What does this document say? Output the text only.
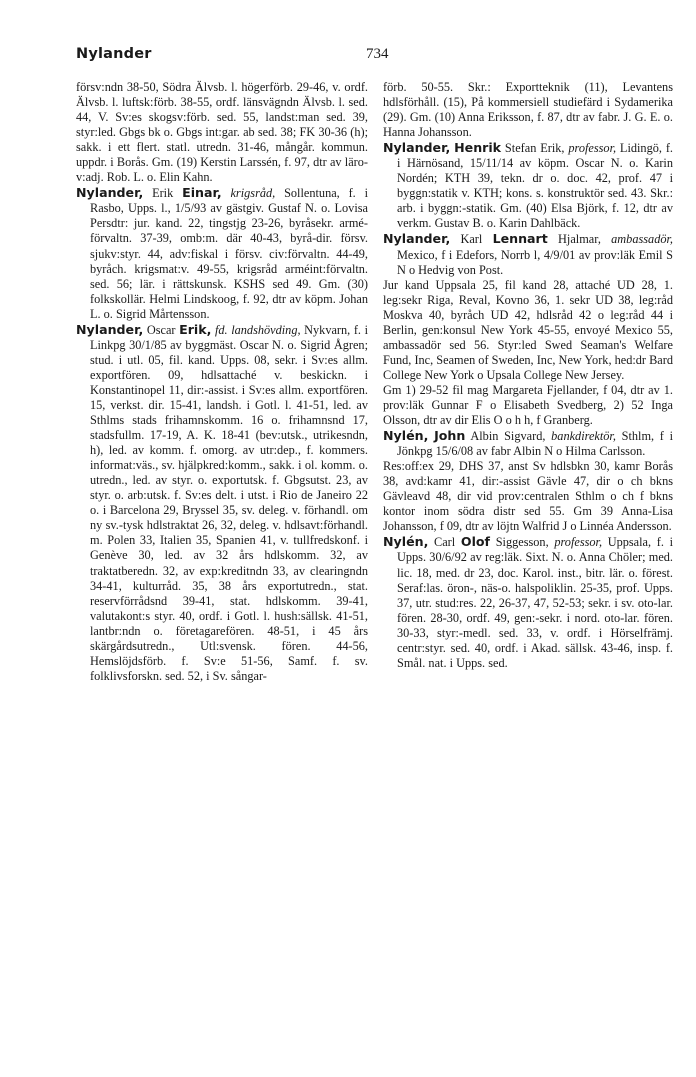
Nylander	734

försv:ndn 38-50, Södra Älvsb. l. högerförb. 29-46, v. ordf. Älvsb. l. luftsk:förb. 38-55, ordf. länsvägndn Älvsb. l. sed. 44, V. Sv:es skogsv:förb. sed. 55, landst:man sed. 39, styr:led. Gbgs bk o. Gbgs int:gar. ab sed. 38; FK 30-36 (h); sakk. i ett flert. statl. utredn. 31-46, mångår. kommun. uppdr. i Borås. Gm. (19) Kerstin Larssén, f. 97, dtr av läro-v:adj. Rob. L. o. Elin Kahn.

Nylander, Erik Einar, krigsråd, Sollentuna, f. i Rasbo, Upps. l., 1/5/93 av gästgiv. Gustaf N. o. Lovisa Persdtr: jur. kand. 22, tingstjg 23-26, byråsekr. armé-förvaltn. 37-39, omb:m. där 40-43, byrå-dir. försv. sjukv:styr. 44, adv:fiskal i försv. civ:förvaltn. 44-49, byråch. krigsmat:v. 49-55, krigsråd arméint:förvaltn. sed. 56; lär. i rättskunsk. KSHS sed 49. Gm. (30) folkskollär. Helmi Lindskoog, f. 92, dtr av köpm. Johan L. o. Sigrid Mårtensson.

Nylander, Oscar Erik, fd. landshövding, Nykvarn, f. i Linkpg 30/1/85 av byggmäst. Oscar N. o. Sigrid Ågren; stud. i utl. 05, fil. kand. Upps. 08, sekr. i Sv:es allm. exportfören. 09, hdlsattaché v. beskickn. i Konstantinopel 11, dir:-assist. i Sv:es allm. exportfören. 15, verkst. dir. 15-41, landsh. i Gotl. l. 41-51, led. av Sthlms stads frihamnskomm. 16 o. frihamnsnd 17, stadsfullm. 17-19, A. K. 18-41 (bev:utsk., utrikesndn, h), led. av komm. f. omorg. av utr:dep., f. kommers. informat:väs., sv. hjälpkred:komm., sakk. i ol. komm. o. utredn., led. av styr. o. exportutsk. f. Gbgsutst. 23, av styr. o. arb:utsk. f. Sv:es delt. i utst. i Rio de Janeiro 22 o. i Barcelona 29, Bryssel 35, sv. deleg. v. förhandl. om ny sv.-tysk hdlstraktat 26, 32, deleg. v. hdlsavt:förhandl. m. Polen 33, Italien 35, Spanien 41, v. tullfredskonf. i Genève 30, led. av 32 års hdlskomm. 32, av traktatberedn. 32, av exp:kreditndn 33, av clearingndn 34-41, kulturråd. 35, 38 års exportutredn., stat. reservförrådsnd 39-41, stat. hdlskomm. 39-41, valutakont:s styr. 40, ordf. i Gotl. l. hush:sällsk. 41-51, lantbr:ndn o. företagarefören. 48-51, i 45 års skärgårdsutredn., Utl:svensk. fören. 44-56, Hemslöjdsförb. f. Sv:e 51-56, Samf. f. sv. folklivsforskn. sed. 52, i Sv. sångar-

förb. 50-55. Skr.: Exportteknik (11), Levantens hdlsförhåll. (15), På kommersiell studiefärd i Sydamerika (29). Gm. (10) Anna Eriksson, f. 87, dtr av fabr. J. G. E. o. Hanna Johansson.

Nylander, Henrik Stefan Erik, professor, Lidingö, f. i Härnösand, 15/11/14 av köpm. Oscar N. o. Karin Nordén; KTH 39, tekn. dr o. doc. 42, prof. 47 i byggn:statik v. KTH; kons. s. konstruktör sed. 43. Skr.: arb. i byggn:-statik. Gm. (40) Elsa Björk, f. 12, dtr av verkm. Gustav B. o. Karin Dahlbäck.

Nylander, Karl Lennart Hjalmar, ambassadör, Mexico, f i Edefors, Norrb l, 4/9/01 av prov:läk Emil S N o Hedvig von Post.

Jur kand Uppsala 25, fil kand 28, attaché UD 28, 1. leg:sekr Riga, Reval, Kovno 36, 1. sekr UD 38, leg:råd Moskva 40, byråch UD 42, hdlsråd 42 o leg:råd 44 i Berlin, gen:konsul New York 45-55, envoyé Mexico 55, ambassadör sed 56. Styr:led Swed Seaman's Welfare Fund, Inc, Seamen of Sweden, Inc, New York, hed:dr Bard College New York o Upsala College New Jersey.

Gm 1) 29-52 fil mag Margareta Fjellander, f 04, dtr av 1. prov:läk Gunnar F o Elisabeth Svedberg, 2) 52 Inga Olsson, dtr av dir Elis O o h h, f Granberg.

Nylén, John Albin Sigvard, bankdirektör, Sthlm, f i Jönkpg 15/6/08 av fabr Albin N o Hilma Carlsson.

Res:off:ex 29, DHS 37, anst Sv hdlsbkn 30, kamr Borås 38, avd:kamr 41, dir:-assist Gävle 47, dir o ch bkns Gävleavd 48, dir vid prov:centralen Sthlm o ch f bkns kontor inom södra distr sed 55. Gm 39 Anna-Lisa Johansson, f 09, dtr av löjtn Walfrid J o Linnéa Andersson.

Nylén, Carl Olof Siggesson, professor, Uppsala, f. i Upps. 30/6/92 av reg:läk. Sixt. N. o. Anna Chöler; med. lic. 18, med. dr 23, doc. Karol. inst., bitr. lär. o. förest. Seraf:las. öron-, näs-o. halspoliklin. 25-35, prof. Upps. 37, utr. stud:res. 22, 26-37, 47, 52-53; sekr. i sv. oto-lar. fören. 28-30, ordf. 49, gen:-sekr. i nord. oto-lar. fören. 30-33, styr:-medl. sed. 33, v. ordf. i Hörselfrämj. centr:styr. sed. 40, ordf. i Akad. sällsk. 43-46, insp. f. Smål. nat. i Upps. sed.
